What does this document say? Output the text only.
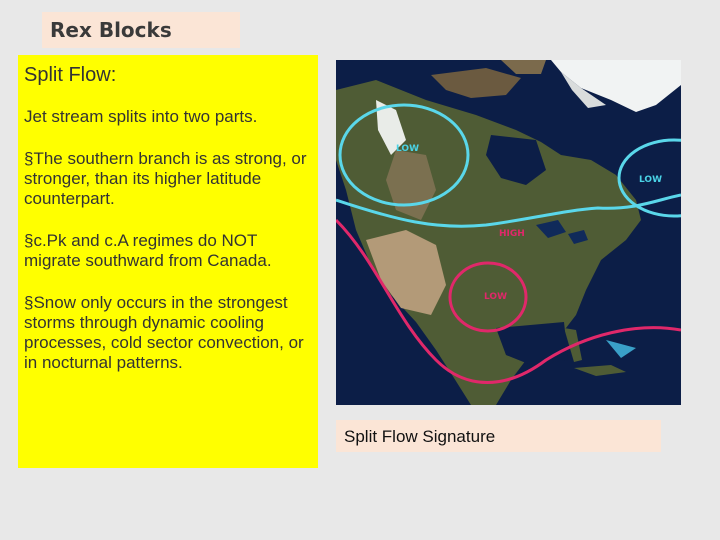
Rex Blocks
Split Flow:
Jet stream splits into two parts.
§The southern branch is as strong, or stronger, than its higher latitude counterpart.
§c.Pk and c.A regimes do NOT migrate southward from Canada.
§Snow only occurs in the strongest storms through dynamic cooling processes, cold sector convection, or in nocturnal patterns.
LOW
LOW
HIGH
LOW
Split Flow Signature
